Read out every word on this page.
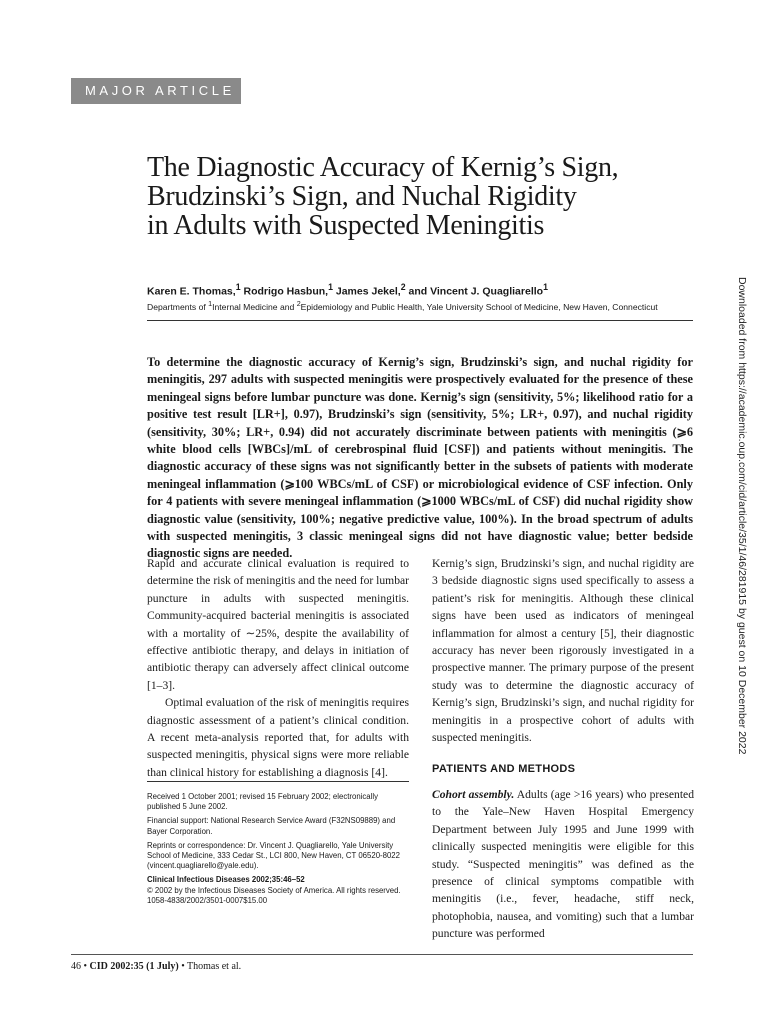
MAJOR ARTICLE
The Diagnostic Accuracy of Kernig’s Sign,
Brudzinski’s Sign, and Nuchal Rigidity
in Adults with Suspected Meningitis
Karen E. Thomas,$^1$ Rodrigo Hasbun,$^1$ James Jekel,$^2$ and Vincent J. Quagliarello$^1$
Departments of $^1$Internal Medicine and $^2$Epidemiology and Public Health, Yale University School of Medicine, New Haven, Connecticut

To determine the diagnostic accuracy of Kernig’s sign, Brudzinski’s sign, and nuchal rigidity for meningitis, 297 adults with suspected meningitis were prospectively evaluated for the presence of these meningeal signs before lumbar puncture was done. Kernig’s sign (sensitivity, 5%; likelihood ratio for a positive test result [LR+], 0.97), Brudzinski’s sign (sensitivity, 5%; LR+, 0.97), and nuchal rigidity (sensitivity, 30%; LR+, 0.94) did not accurately discriminate between patients with meningitis (⩾6 white blood cells [WBCs]/mL of cerebrospinal fluid [CSF]) and patients without meningitis. The diagnostic accuracy of these signs was not significantly better in the subsets of patients with moderate meningeal inflammation (⩾100 WBCs/mL of CSF) or microbiological evidence of CSF infection. Only for 4 patients with severe meningeal inflammation (⩾1000 WBCs/mL of CSF) did nuchal rigidity show diagnostic value (sensitivity, 100%; negative predictive value, 100%). In the broad spectrum of adults with suspected meningitis, 3 classic meningeal signs did not have diagnostic value; better bedside diagnostic signs are needed.

Rapid and accurate clinical evaluation is required to determine the risk of meningitis and the need for lumbar puncture in adults with suspected meningitis. Community-acquired bacterial meningitis is associated with a mortality of ∼25%, despite the availability of effective antibiotic therapy, and delays in initiation of antibiotic therapy can adversely affect clinical outcome [1–3].

Optimal evaluation of the risk of meningitis requires diagnostic assessment of a patient’s clinical condition. A recent meta-analysis reported that, for adults with suspected meningitis, physical signs were more reliable than clinical history for establishing a diagnosis [4].

Kernig’s sign, Brudzinski’s sign, and nuchal rigidity are 3 bedside diagnostic signs used specifically to assess a patient’s risk for meningitis. Although these clinical signs have been used as indicators of meningeal inflammation for almost a century [5], their diagnostic accuracy has never been rigorously investigated in a prospective manner. The primary purpose of the present study was to determine the diagnostic accuracy of Kernig’s sign, Brudzinski’s sign, and nuchal rigidity for meningitis in a prospective cohort of adults with suspected meningitis.

PATIENTS AND METHODS

Cohort assembly. Adults (age >16 years) who presented to the Yale–New Haven Hospital Emergency Department between July 1995 and June 1999 with clinically suspected meningitis were eligible for this study. “Suspected meningitis” was defined as the presence of clinical symptoms compatible with meningitis (i.e., fever, headache, stiff neck, photophobia, nausea, and vomiting) such that a lumbar puncture was performed

Received 1 October 2001; revised 15 February 2002; electronically published 5 June 2002.

Financial support: National Research Service Award (F32NS09889) and Bayer Corporation.

Reprints or correspondence: Dr. Vincent J. Quagliarello, Yale University School of Medicine, 333 Cedar St., LCI 800, New Haven, CT 06520-8022 (vincent.quagliarello@yale.edu).

Clinical Infectious Diseases 2002;35:46–52

© 2002 by the Infectious Diseases Society of America. All rights reserved.

1058-4838/2002/3501-0007$15.00

46 • CID 2002:35 (1 July) • Thomas et al.
Downloaded from https://academic.oup.com/cid/article/35/1/46/281915 by guest on 10 December 2022
